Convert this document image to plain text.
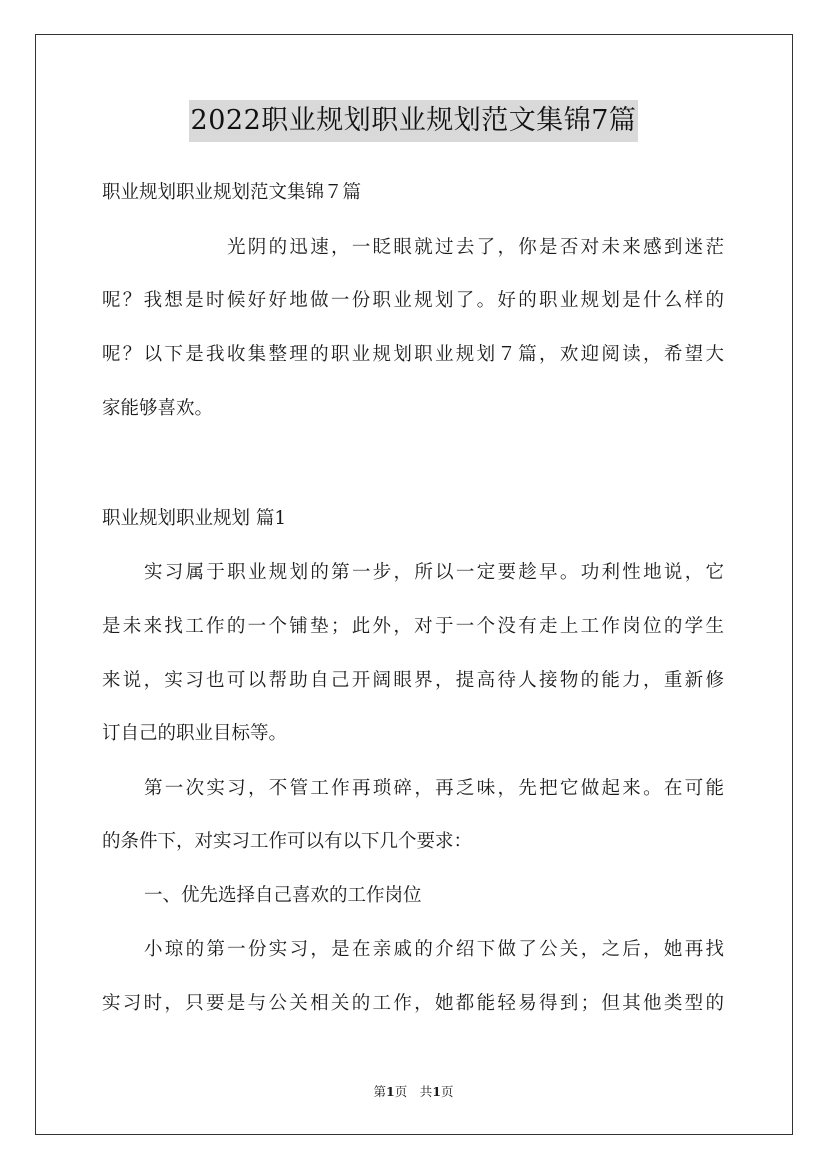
2022职业规划职业规划范文集锦7篇
职业规划职业规划范文集锦７篇
光阴的迅速，一眨眼就过去了，你是否对未来感到迷茫
呢？我想是时候好好地做一份职业规划了。好的职业规划是什么样的
呢？以下是我收集整理的职业规划职业规划７篇，欢迎阅读，希望大
家能够喜欢。
职业规划职业规划 篇1
实习属于职业规划的第一步，所以一定要趁早。功利性地说，它
是未来找工作的一个铺垫；此外，对于一个没有走上工作岗位的学生
来说，实习也可以帮助自己开阔眼界，提高待人接物的能力，重新修
订自己的职业目标等。
第一次实习，不管工作再琐碎，再乏味，先把它做起来。在可能
的条件下，对实习工作可以有以下几个要求：
一、优先选择自己喜欢的工作岗位
小琼的第一份实习，是在亲戚的介绍下做了公关，之后，她再找
实习时，只要是与公关相关的工作，她都能轻易得到；但其他类型的
第1页　共1页
